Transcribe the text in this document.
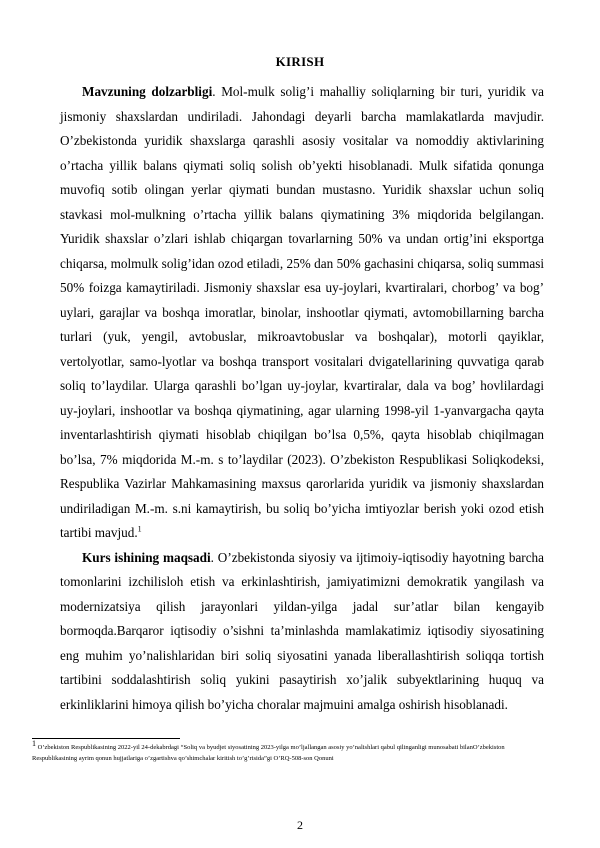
KIRISH

Mavzuning dolzarbligi. Mol-mulk solig’i mahalliy soliqlarning bir turi, yuridik va jismoniy shaxslardan undiriladi. Jahondagi deyarli barcha mamlakatlarda mavjudir. O’zbekistonda yuridik shaxslarga qarashli asosiy vositalar va nomoddiy aktivlarining o’rtacha yillik balans qiymati soliq solish ob’yekti hisoblanadi. Mulk sifatida qonunga muvofiq sotib olingan yerlar qiymati bundan mustasno. Yuridik shaxslar uchun soliq stavkasi mol-mulkning o’rtacha yillik balans qiymatining 3% miqdorida belgilangan. Yuridik shaxslar o’zlari ishlab chiqargan tovarlarning 50% va undan ortig’ini eksportga chiqarsa, molmulk solig’idan ozod etiladi, 25% dan 50% gachasini chiqarsa, soliq summasi 50% foizga kamaytiriladi. Jismoniy shaxslar esa uy-joylari, kvartiralari, chorbog’ va bog’ uylari, garajlar va boshqa imoratlar, binolar, inshootlar qiymati, avtomobillarning barcha turlari (yuk, yengil, avtobuslar, mikroavtobuslar va boshqalar), motorli qayiklar, vertolyotlar, samo-lyotlar va boshqa transport vositalari dvigatellarining quvvatiga qarab soliq to’laydilar. Ularga qarashli bo’lgan uy-joylar, kvartiralar, dala va bog’ hovlilardagi uy-joylari, inshootlar va boshqa qiymatining, agar ularning 1998-yil 1-yanvargacha qayta inventarlashtirish qiymati hisoblab chiqilgan bo’lsa 0,5%, qayta hisoblab chiqilmagan bo’lsa, 7% miqdorida M.-m. s to’laydilar (2023). O’zbekiston Respublikasi Soliqkodeksi, Respublika Vazirlar Mahkamasining maxsus qarorlarida yuridik va jismoniy shaxslardan undiriladigan M.-m. s.ni kamaytirish, bu soliq bo’yicha imtiyozlar berish yoki ozod etish tartibi mavjud.$^1$

Kurs ishining maqsadi. O’zbekistonda siyosiy va ijtimoiy-iqtisodiy hayotning barcha tomonlarini izchilisloh etish va erkinlashtirish, jamiyatimizni demokratik yangilash va modernizatsiya qilish jarayonlari yildan-yilga jadal sur’atlar bilan kengayib bormoqda.Barqaror iqtisodiy o’sishni ta’minlashda mamlakatimiz iqtisodiy siyosatining eng muhim yo’nalishlaridan biri soliq siyosatini yanada liberallashtirish soliqqa tortish tartibini soddalashtirish soliq yukini pasaytirish xo’jalik subyektlarining huquq va erkinliklarini himoya qilish bo’yicha choralar majmuini amalga oshirish hisoblanadi.

$^1$ O’zbekiston Respublikasining 2022-yil 24-dekabrdagi “Soliq va byudjet siyosatining 2023-yilga mo’ljallangan asosiy yo’nalishlari qabul qilinganligi munosabati bilanO’zbekiston Respublikasining ayrim qonun hujjatlariga o’zgartishva qo’shimchalar kiritish to’g’risida”gi O’RQ-508-son Qonuni
2
